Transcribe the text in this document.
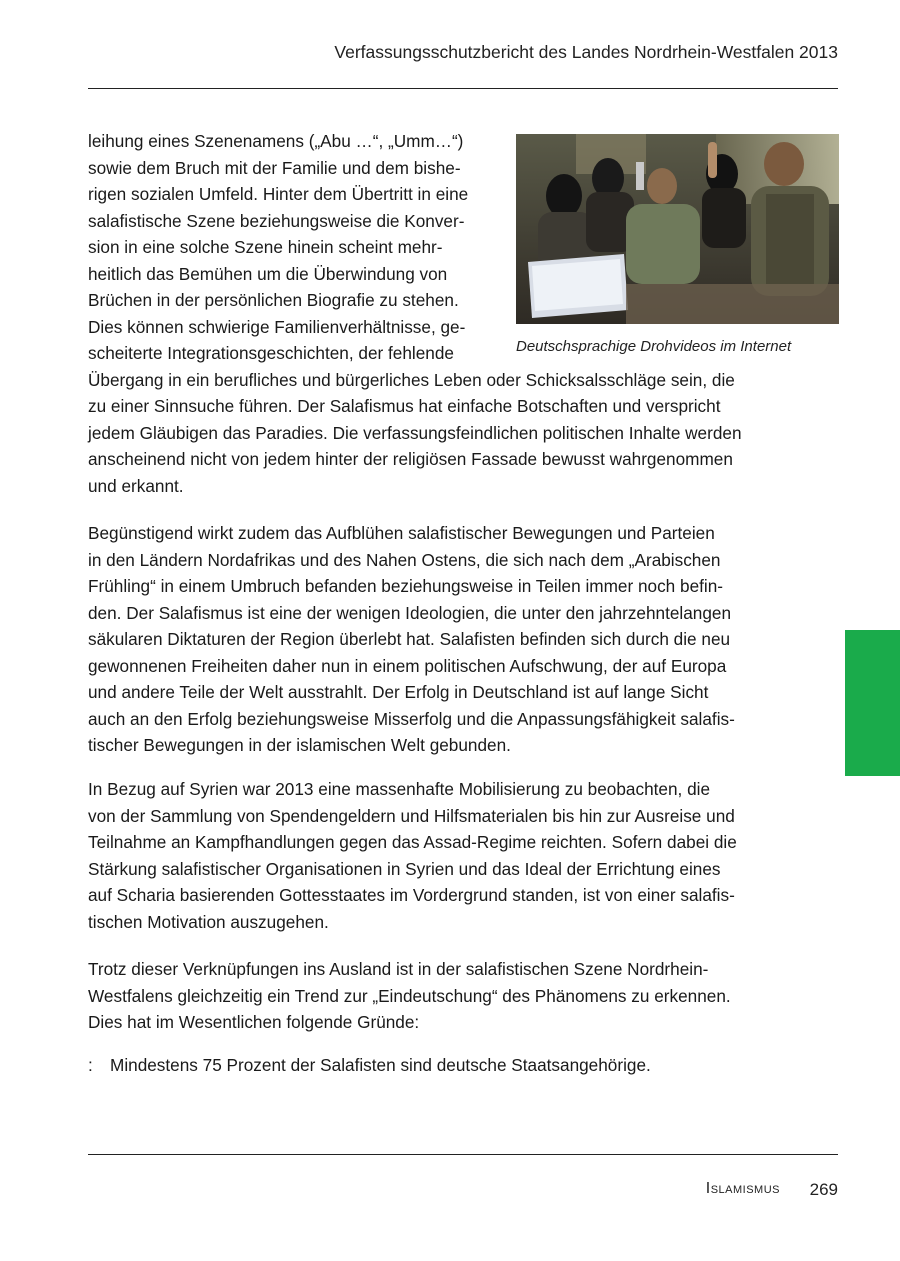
Verfassungsschutzbericht des Landes Nordrhein-Westfalen 2013
Deutschsprachige Drohvideos im Internet
leihung eines Szenenamens („Abu …“, „Umm…“)
sowie dem Bruch mit der Familie und dem bishe-
rigen sozialen Umfeld. Hinter dem Übertritt in eine
salafistische Szene beziehungsweise die Konver-
sion in eine solche Szene hinein scheint mehr-
heitlich das Bemühen um die Überwindung von
Brüchen in der persönlichen Biografie zu stehen.
Dies können schwierige Familienverhältnisse, ge-
scheiterte Integrationsgeschichten, der fehlende
Übergang in ein berufliches und bürgerliches Leben oder Schicksalsschläge sein, die
zu einer Sinnsuche führen. Der Salafismus hat einfache Botschaften und verspricht
jedem Gläubigen das Paradies. Die verfassungsfeindlichen politischen Inhalte werden
anscheinend nicht von jedem hinter der religiösen Fassade bewusst wahrgenommen
und erkannt.
Begünstigend wirkt zudem das Aufblühen salafistischer Bewegungen und Parteien
in den Ländern Nordafrikas und des Nahen Ostens, die sich nach dem „Arabischen
Frühling“ in einem Umbruch befanden beziehungsweise in Teilen immer noch befin-
den. Der Salafismus ist eine der wenigen Ideologien, die unter den jahrzehntelangen
säkularen Diktaturen der Region überlebt hat. Salafisten befinden sich durch die neu
gewonnenen Freiheiten daher nun in einem politischen Aufschwung, der auf Europa
und andere Teile der Welt ausstrahlt. Der Erfolg in Deutschland ist auf lange Sicht
auch an den Erfolg beziehungsweise Misserfolg und die Anpassungsfähigkeit salafis-
tischer Bewegungen in der islamischen Welt gebunden.
In Bezug auf Syrien war 2013 eine massenhafte Mobilisierung zu beobachten, die
von der Sammlung von Spendengeldern und Hilfsmaterialen bis hin zur Ausreise und
Teilnahme an Kampfhandlungen gegen das Assad-Regime reichten. Sofern dabei die
Stärkung salafistischer Organisationen in Syrien und das Ideal der Errichtung eines
auf Scharia basierenden Gottesstaates im Vordergrund standen, ist von einer salafis-
tischen Motivation auszugehen.
Trotz dieser Verknüpfungen ins Ausland ist in der salafistischen Szene Nordrhein-
Westfalens gleichzeitig ein Trend zur „Eindeutschung“ des Phänomens zu erkennen.
Dies hat im Wesentlichen folgende Gründe:
: Mindestens 75 Prozent der Salafisten sind deutsche Staatsangehörige.
Islamismus 269
